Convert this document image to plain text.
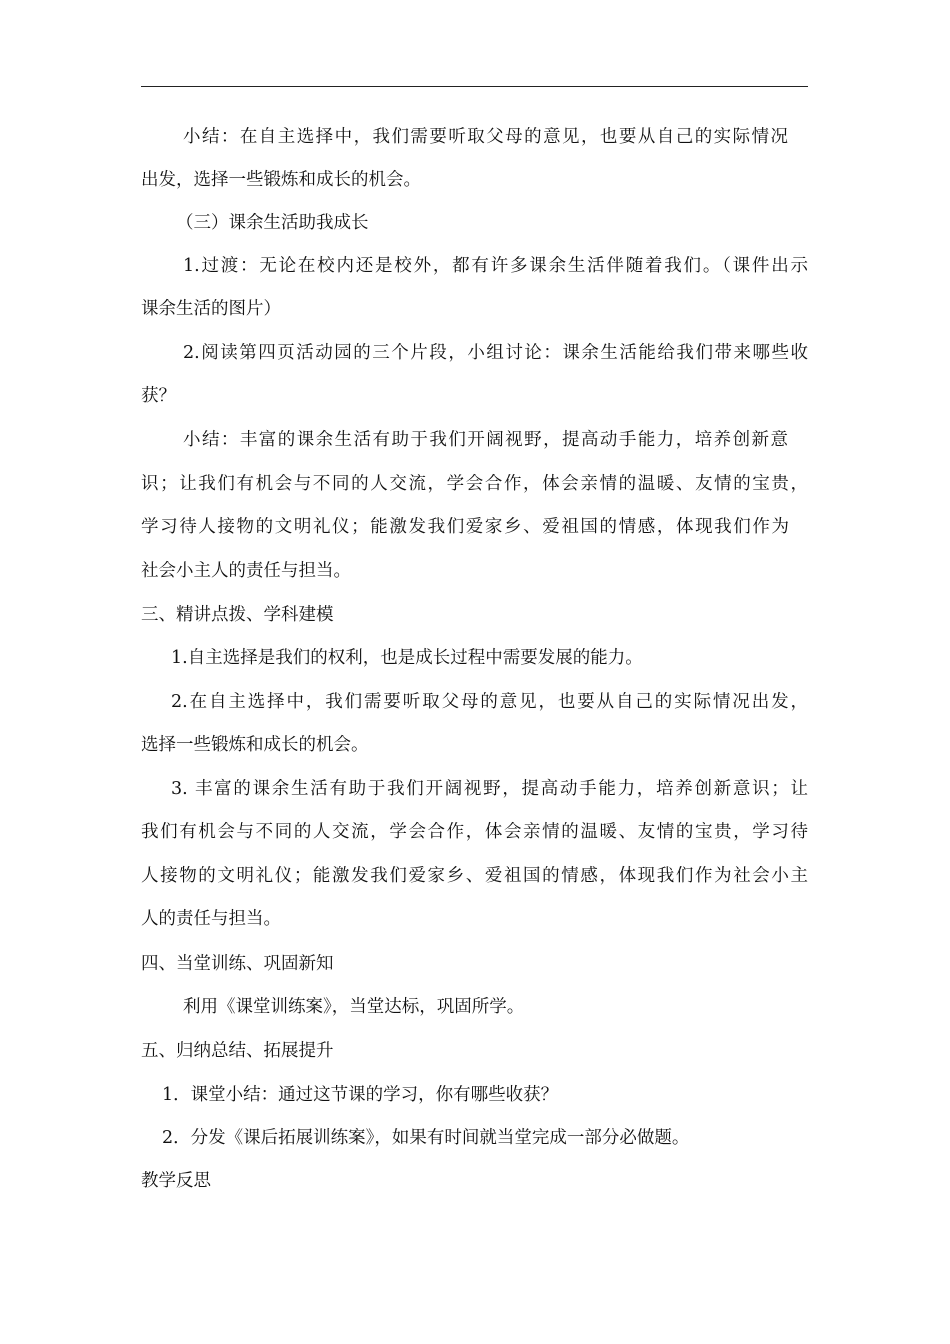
小结：在自主选择中，我们需要听取父母的意见，也要从自己的实际情况
出发，选择一些锻炼和成长的机会。
（三）课余生活助我成长
1.过渡：无论在校内还是校外，都有许多课余生活伴随着我们。（课件出示
课余生活的图片）
2.阅读第四页活动园的三个片段，小组讨论：课余生活能给我们带来哪些收
获？
小结：丰富的课余生活有助于我们开阔视野，提高动手能力，培养创新意
识；让我们有机会与不同的人交流，学会合作，体会亲情的温暖、友情的宝贵，
学习待人接物的文明礼仪；能激发我们爱家乡、爱祖国的情感，体现我们作为
社会小主人的责任与担当。
三、精讲点拨、学科建模
1.自主选择是我们的权利，也是成长过程中需要发展的能力。
2.在自主选择中，我们需要听取父母的意见，也要从自己的实际情况出发，
选择一些锻炼和成长的机会。
3. 丰富的课余生活有助于我们开阔视野，提高动手能力，培养创新意识；让
我们有机会与不同的人交流，学会合作，体会亲情的温暖、友情的宝贵，学习待
人接物的文明礼仪；能激发我们爱家乡、爱祖国的情感，体现我们作为社会小主
人的责任与担当。
四、当堂训练、巩固新知
利用《课堂训练案》，当堂达标，巩固所学。
五、归纳总结、拓展提升
1．课堂小结：通过这节课的学习，你有哪些收获？
2．分发《课后拓展训练案》，如果有时间就当堂完成一部分必做题。
教学反思
